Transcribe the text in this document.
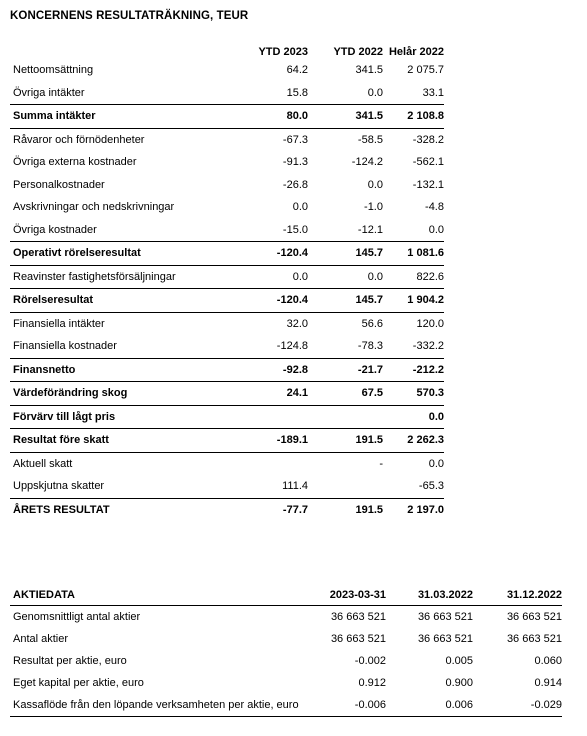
KONCERNENS RESULTATRÄKNING, TEUR
	YTD 2023	YTD 2022	Helår 2022
Nettoomsättning	64.2	341.5	2 075.7
Övriga intäkter	15.8	0.0	33.1
Summa intäkter	80.0	341.5	2 108.8
Råvaror och förnödenheter	-67.3	-58.5	-328.2
Övriga externa kostnader	-91.3	-124.2	-562.1
Personalkostnader	-26.8	0.0	-132.1
Avskrivningar och nedskrivningar	0.0	-1.0	-4.8
Övriga kostnader	-15.0	-12.1	0.0
Operativt rörelseresultat	-120.4	145.7	1 081.6
Reavinster fastighetsförsäljningar	0.0	0.0	822.6
Rörelseresultat	-120.4	145.7	1 904.2
Finansiella intäkter	32.0	56.6	120.0
Finansiella kostnader	-124.8	-78.3	-332.2
Finansnetto	-92.8	-21.7	-212.2
Värdeförändring skog	24.1	67.5	570.3
Förvärv till lågt pris			0.0
Resultat före skatt	-189.1	191.5	2 262.3
Aktuell skatt		-	0.0
Uppskjutna skatter	111.4		-65.3
ÅRETS RESULTAT	-77.7	191.5	2 197.0
AKTIEDATA	2023-03-31	31.03.2022	31.12.2022
Genomsnittligt antal aktier	36 663 521	36 663 521	36 663 521
Antal aktier	36 663 521	36 663 521	36 663 521
Resultat per aktie, euro	-0.002	0.005	0.060
Eget kapital per aktie, euro	0.912	0.900	0.914
Kassaflöde från den löpande verksamheten per aktie, euro	-0.006	0.006	-0.029
